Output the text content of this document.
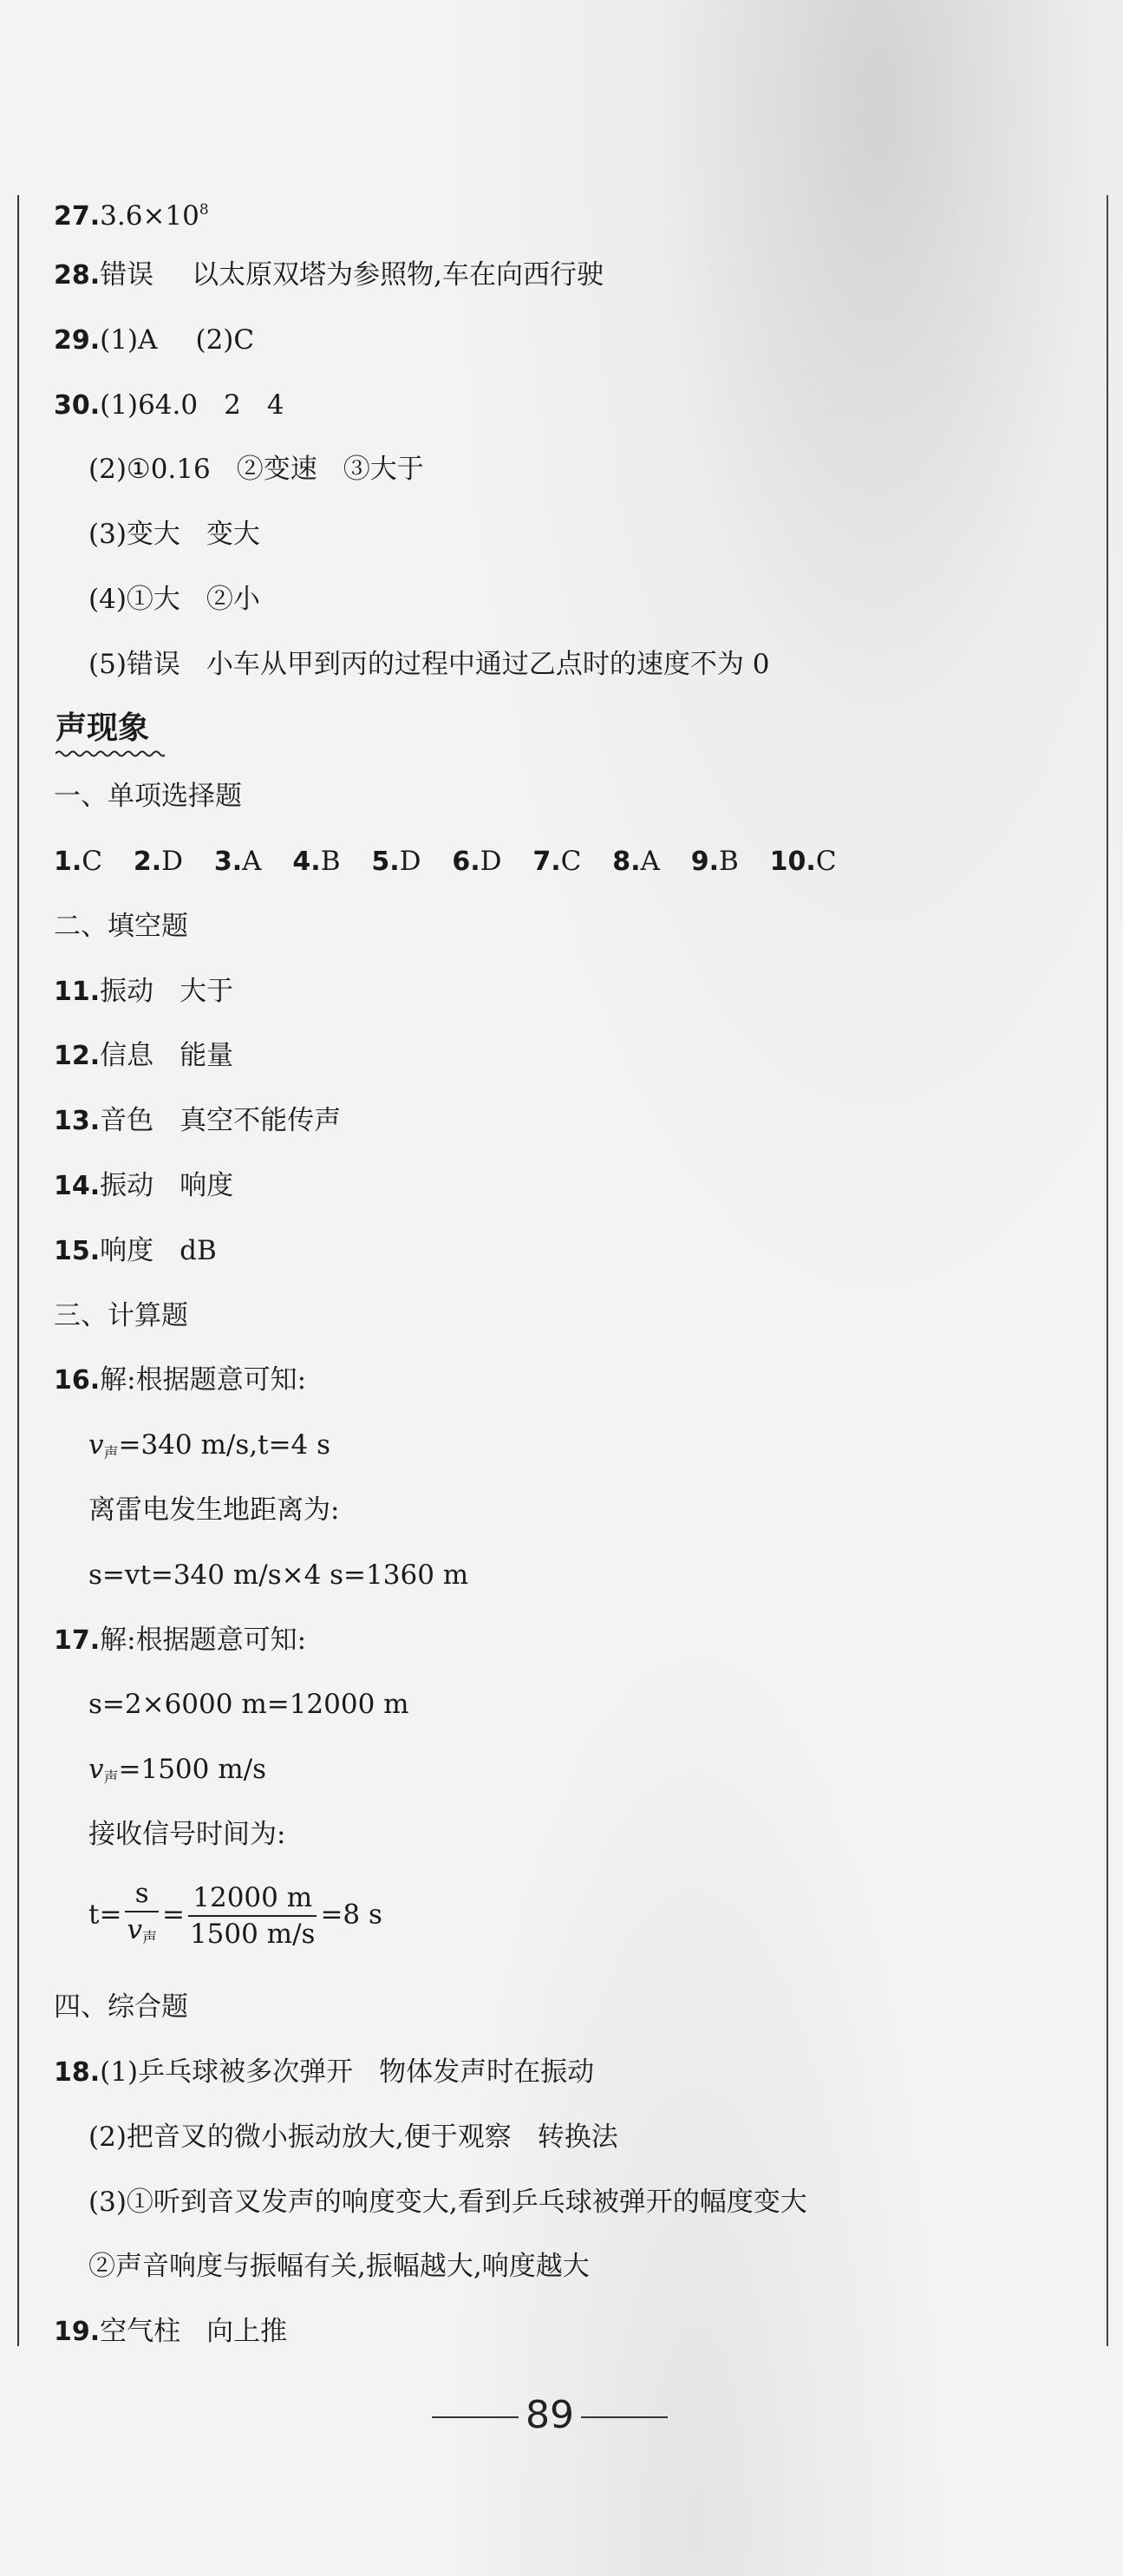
$27.3.6\times 10^8$
28.错误 以太原双塔为参照物,车在向西行驶
29.(1)A (2)C
30.(1)64.0 2 4
(2)①0.16 ②变速 ③大于
(3)变大 变大
(4)①大 ②小
(5)错误 小车从甲到丙的过程中通过乙点时的速度不为 0
声现象
一、单项选择题
1.C 2.D 3.A 4.B 5.D 6.D 7.C 8.A 9.B 10.C
二、填空题
11.振动 大于
12.信息 能量
13.音色 真空不能传声
14.振动 响度
15.响度 dB
三、计算题
16.解:根据题意可知:
$v_声=340$ m/s,t=4 s
离雷电发生地距离为:
s=vt=340 m/s×4 s=1360 m
17.解:根据题意可知:
s=2×6000 m=12000 m
$v_声=1500$ m/s
接收信号时间为:
$t= \frac{s}{v_声} = \frac{12000 m}{1500 m/s} =8$ s
四、综合题
18.(1)乒乓球被多次弹开 物体发声时在振动
(2)把音叉的微小振动放大,便于观察 转换法
(3)①听到音叉发声的响度变大,看到乒乓球被弹开的幅度变大
②声音响度与振幅有关,振幅越大,响度越大
19.空气柱 向上推
89
